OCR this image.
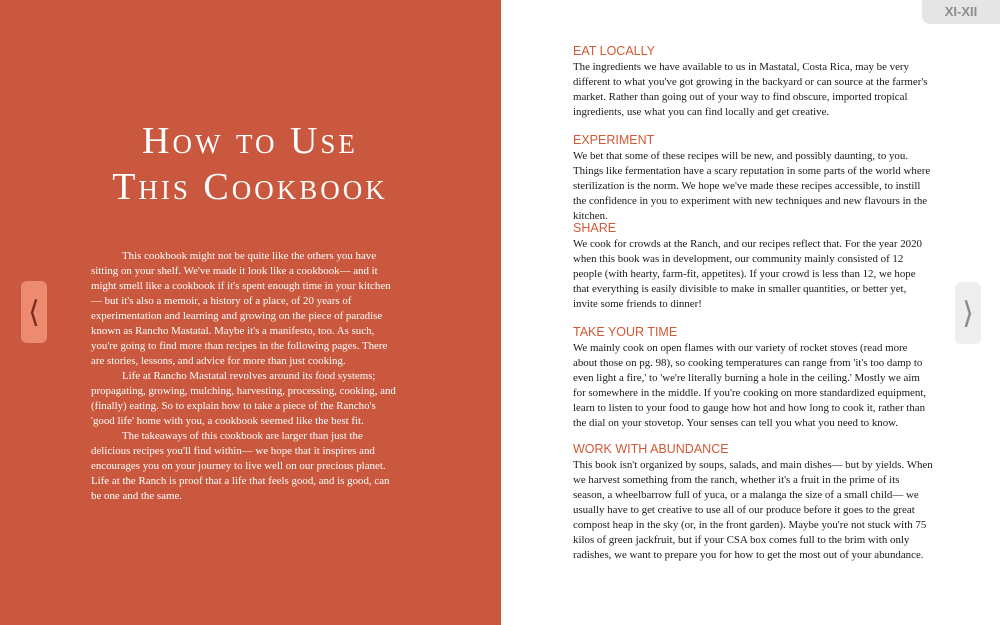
How to Use
This Cookbook

This cookbook might not be quite like the others you have sitting on your shelf. We've made it look like a cookbook— and it might smell like a cookbook if it's spent enough time in your kitchen— but it's also a memoir, a history of a place, of 20 years of experimentation and learning and growing on the piece of paradise known as Rancho Mastatal. Maybe it's a manifesto, too. As such, you're going to find more than recipes in the following pages. There are stories, lessons, and advice for more than just cooking.

Life at Rancho Mastatal revolves around its food systems; propagating, growing, mulching, harvesting, processing, cooking, and (finally) eating. So to explain how to take a piece of the Rancho's 'good life' home with you, a cookbook seemed like the best fit.

The takeaways of this cookbook are larger than just the delicious recipes you'll find within— we hope that it inspires and encourages you on your journey to live well on our precious planet. Life at the Ranch is proof that a life that feels good, and is good, can be one and the same.

XI-XII
⟨	⟩
EAT LOCALLY

The ingredients we have available to us in Mastatal, Costa Rica, may be very different to what you've got growing in the backyard or can source at the farmer's market. Rather than going out of your way to find obscure, imported tropical ingredients, use what you can find locally and get creative.

EXPERIMENT

We bet that some of these recipes will be new, and possibly daunting, to you. Things like fermentation have a scary reputation in some parts of the world where sterilization is the norm. We hope we've made these recipes accessible, to instill the confidence in you to experiment with new techniques and new flavours in the kitchen.

SHARE

We cook for crowds at the Ranch, and our recipes reflect that. For the year 2020 when this book was in development, our community mainly consisted of 12 people (with hearty, farm-fit, appetites). If your crowd is less than 12, we hope that everything is easily divisible to make in smaller quantities, or better yet, invite some friends to dinner!

TAKE YOUR TIME

We mainly cook on open flames with our variety of rocket stoves (read more about those on pg. 98), so cooking temperatures can range from 'it's too damp to even light a fire,' to 'we're literally burning a hole in the ceiling.' Mostly we aim for somewhere in the middle. If you're cooking on more standardized equipment, learn to listen to your food to gauge how hot and how long to cook it, rather than the dial on your stovetop. Your senses can tell you what you need to know.

WORK WITH ABUNDANCE

This book isn't organized by soups, salads, and main dishes— but by yields. When we harvest something from the ranch, whether it's a fruit in the prime of its season, a wheelbarrow full of yuca, or a malanga the size of a small child— we usually have to get creative to use all of our produce before it goes to the great compost heap in the sky (or, in the front garden). Maybe you're not stuck with 75 kilos of green jackfruit, but if your CSA box comes full to the brim with only radishes, we want to prepare you for how to get the most out of your abundance.
